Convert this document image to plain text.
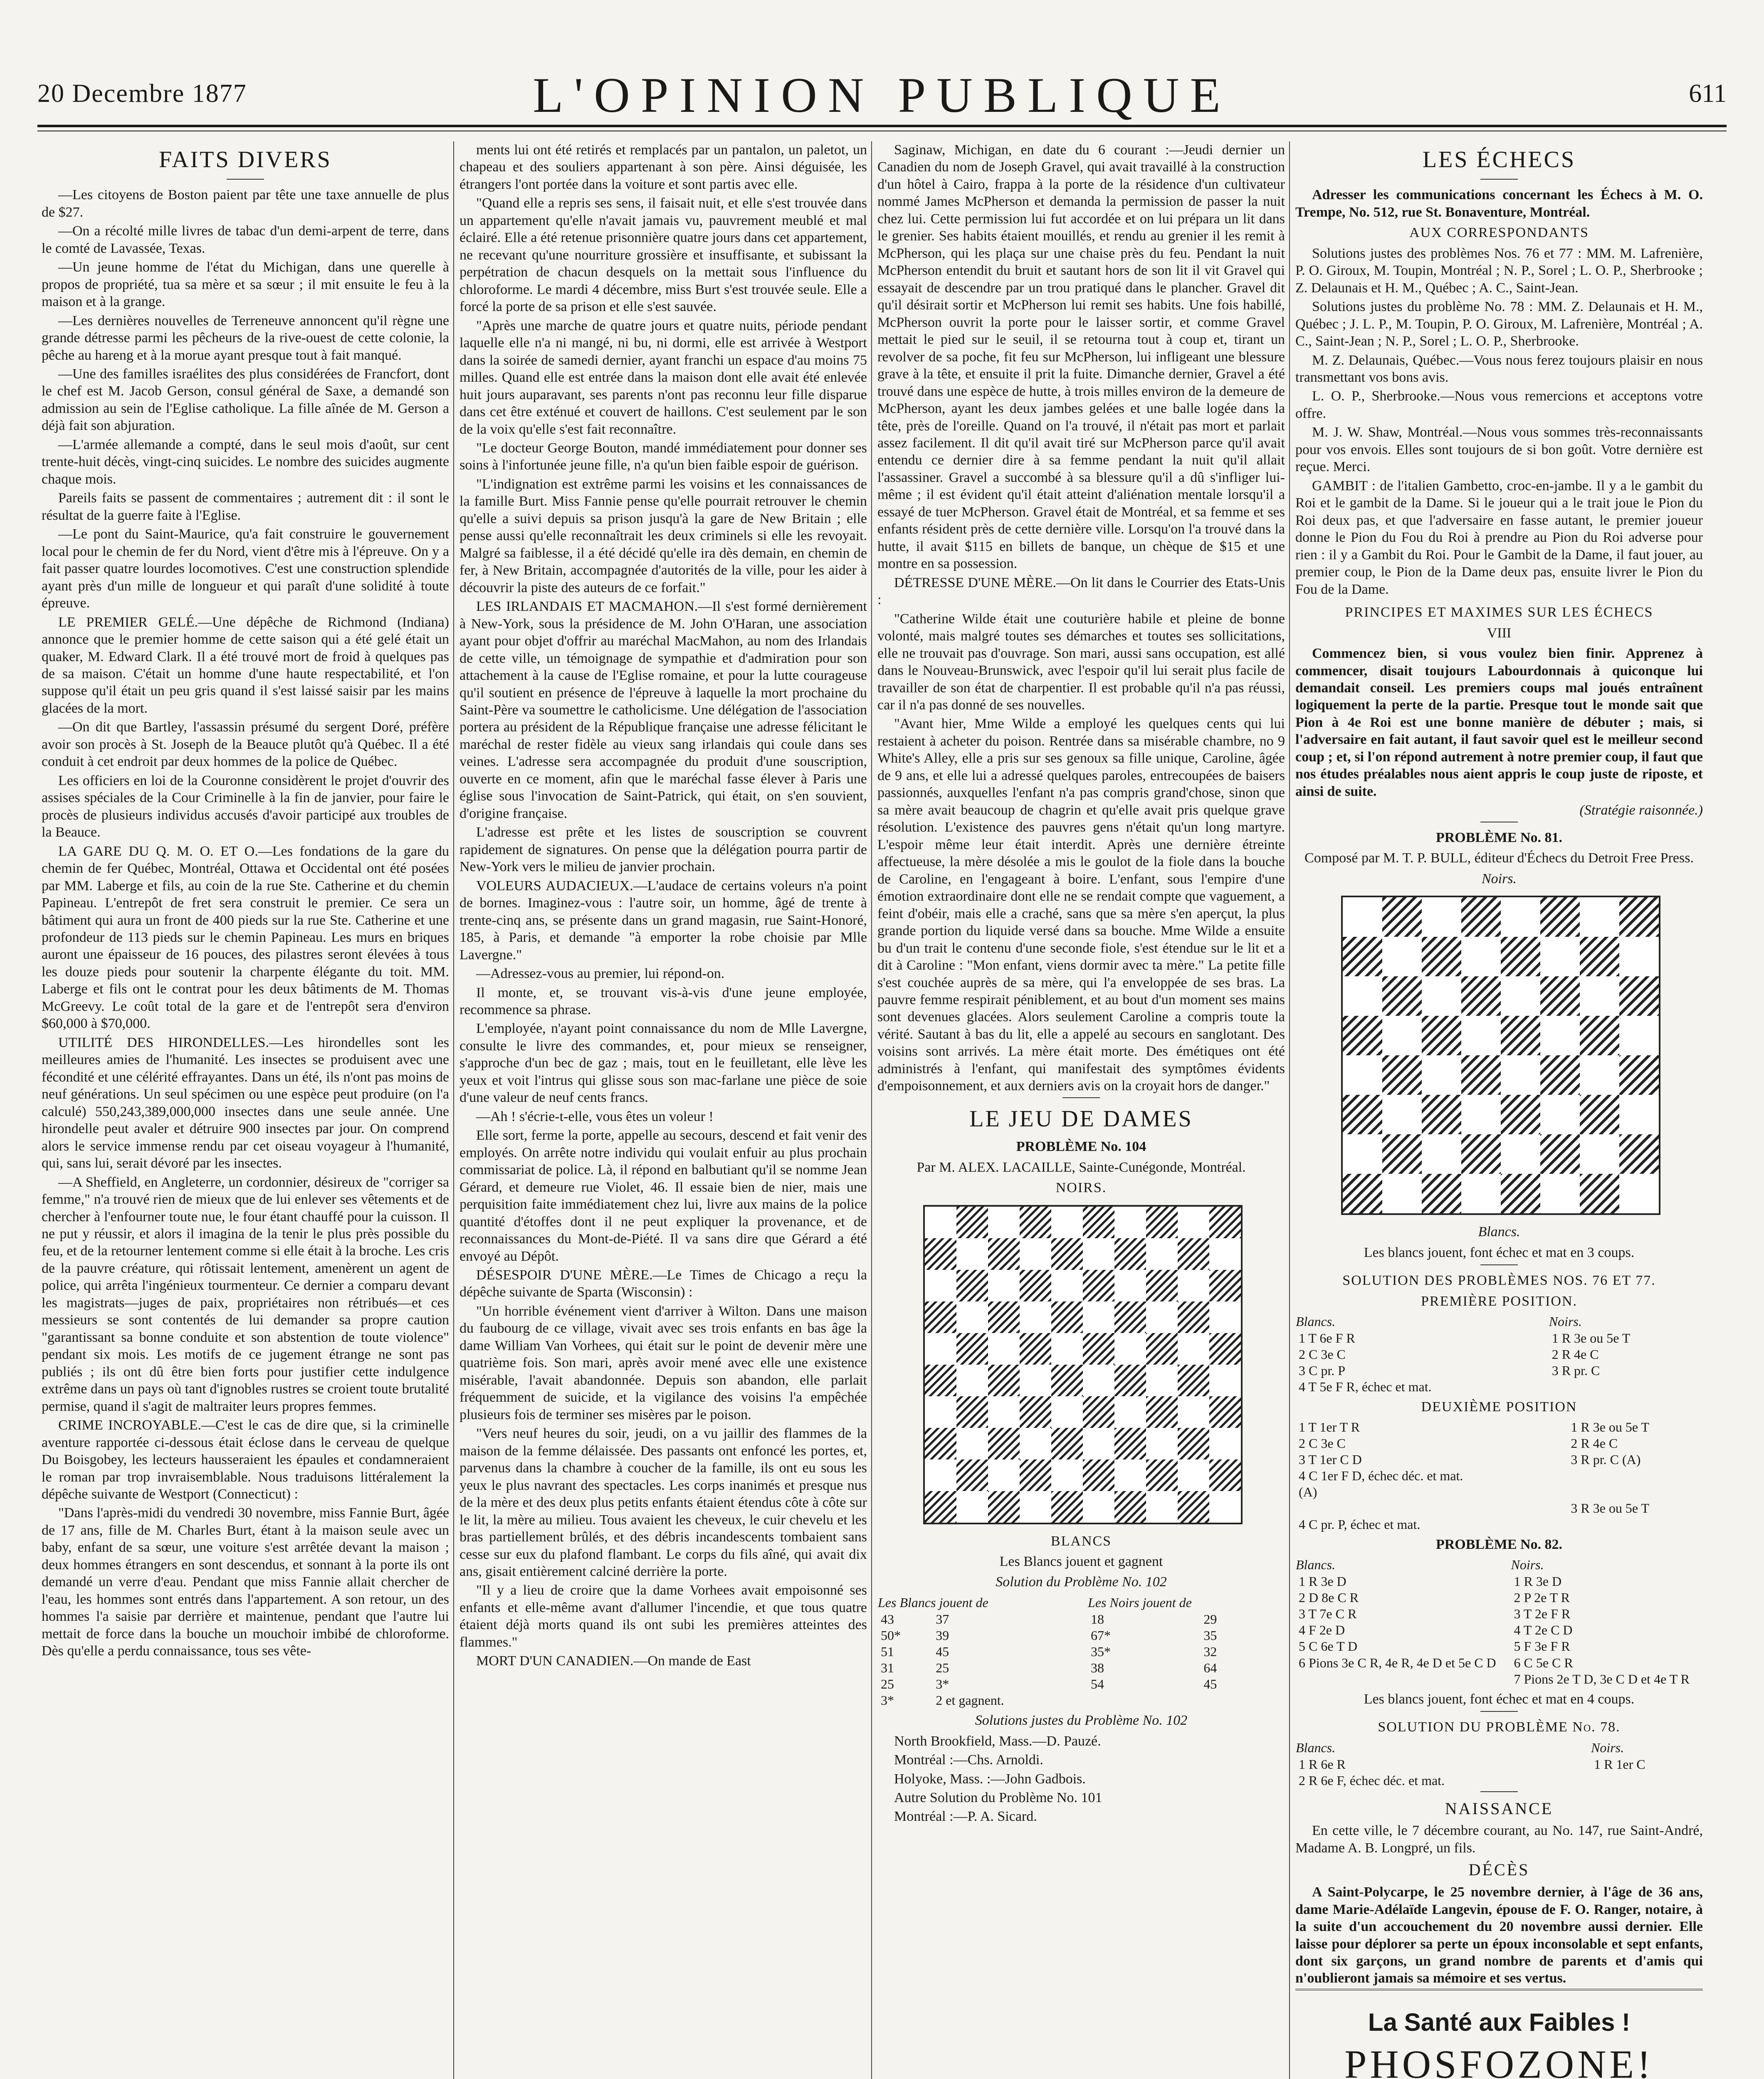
20 Decembre 1877	L'OPINION PUBLIQUE	611
FAITS DIVERS

—Les citoyens de Boston paient par tête une taxe annuelle de plus de $27.

—On a récolté mille livres de tabac d'un demi-arpent de terre, dans le comté de Lavassée, Texas.

—Un jeune homme de l'état du Michigan, dans une querelle à propos de propriété, tua sa mère et sa sœur ; il mit ensuite le feu à la maison et à la grange.

—Les dernières nouvelles de Terreneuve annoncent qu'il règne une grande détresse parmi les pêcheurs de la rive-ouest de cette colonie, la pêche au hareng et à la morue ayant presque tout à fait manqué.

—Une des familles israélites des plus considérées de Francfort, dont le chef est M. Jacob Gerson, consul général de Saxe, a demandé son admission au sein de l'Eglise catholique. La fille aînée de M. Gerson a déjà fait son abjuration.

—L'armée allemande a compté, dans le seul mois d'août, sur cent trente-huit décès, vingt-cinq suicides. Le nombre des suicides augmente chaque mois.

Pareils faits se passent de commentaires ; autrement dit : il sont le résultat de la guerre faite à l'Eglise.

—Le pont du Saint-Maurice, qu'a fait construire le gouvernement local pour le chemin de fer du Nord, vient d'être mis à l'épreuve. On y a fait passer quatre lourdes locomotives. C'est une construction splendide ayant près d'un mille de longueur et qui paraît d'une solidité à toute épreuve.

LE PREMIER GELÉ.—Une dépêche de Richmond (Indiana) annonce que le premier homme de cette saison qui a été gelé était un quaker, M. Edward Clark. Il a été trouvé mort de froid à quelques pas de sa maison. C'était un homme d'une haute respectabilité, et l'on suppose qu'il était un peu gris quand il s'est laissé saisir par les mains glacées de la mort.

—On dit que Bartley, l'assassin présumé du sergent Doré, préfère avoir son procès à St. Joseph de la Beauce plutôt qu'à Québec. Il a été conduit à cet endroit par deux hommes de la police de Québec.

Les officiers en loi de la Couronne considèrent le projet d'ouvrir des assises spéciales de la Cour Criminelle à la fin de janvier, pour faire le procès de plusieurs individus accusés d'avoir participé aux troubles de la Beauce.

LA GARE DU Q. M. O. ET O.—Les fondations de la gare du chemin de fer Québec, Montréal, Ottawa et Occidental ont été posées par MM. Laberge et fils, au coin de la rue Ste. Catherine et du chemin Papineau. L'entrepôt de fret sera construit le premier. Ce sera un bâtiment qui aura un front de 400 pieds sur la rue Ste. Catherine et une profondeur de 113 pieds sur le chemin Papineau. Les murs en briques auront une épaisseur de 16 pouces, des pilastres seront élevées à tous les douze pieds pour soutenir la charpente élégante du toit. MM. Laberge et fils ont le contrat pour les deux bâtiments de M. Thomas McGreevy. Le coût total de la gare et de l'entrepôt sera d'environ $60,000 à $70,000.

UTILITÉ DES HIRONDELLES.—Les hirondelles sont les meilleures amies de l'humanité. Les insectes se produisent avec une fécondité et une célérité effrayantes. Dans un été, ils n'ont pas moins de neuf générations. Un seul spécimen ou une espèce peut produire (on l'a calculé) 550,243,389,000,000 insectes dans une seule année. Une hirondelle peut avaler et détruire 900 insectes par jour. On comprend alors le service immense rendu par cet oiseau voyageur à l'humanité, qui, sans lui, serait dévoré par les insectes.

—A Sheffield, en Angleterre, un cordonnier, désireux de "corriger sa femme," n'a trouvé rien de mieux que de lui enlever ses vêtements et de chercher à l'enfourner toute nue, le four étant chauffé pour la cuisson. Il ne put y réussir, et alors il imagina de la tenir le plus près possible du feu, et de la retourner lentement comme si elle était à la broche. Les cris de la pauvre créature, qui rôtissait lentement, amenèrent un agent de police, qui arrêta l'ingénieux tourmenteur. Ce dernier a comparu devant les magistrats—juges de paix, propriétaires non rétribués—et ces messieurs se sont contentés de lui demander sa propre caution "garantissant sa bonne conduite et son abstention de toute violence" pendant six mois. Les motifs de ce jugement étrange ne sont pas publiés ; ils ont dû être bien forts pour justifier cette indulgence extrême dans un pays où tant d'ignobles rustres se croient toute brutalité permise, quand il s'agit de maltraiter leurs propres femmes.

CRIME INCROYABLE.—C'est le cas de dire que, si la criminelle aventure rapportée ci-dessous était éclose dans le cerveau de quelque Du Boisgobey, les lecteurs hausseraient les épaules et condamneraient le roman par trop invraisemblable. Nous traduisons littéralement la dépêche suivante de Westport (Connecticut) :

"Dans l'après-midi du vendredi 30 novembre, miss Fannie Burt, âgée de 17 ans, fille de M. Charles Burt, étant à la maison seule avec un baby, enfant de sa sœur, une voiture s'est arrêtée devant la maison ; deux hommes étrangers en sont descendus, et sonnant à la porte ils ont demandé un verre d'eau. Pendant que miss Fannie allait chercher de l'eau, les hommes sont entrés dans l'appartement. A son retour, un des hommes l'a saisie par derrière et maintenue, pendant que l'autre lui mettait de force dans la bouche un mouchoir imbibé de chloroforme. Dès qu'elle a perdu connaissance, tous ses vête-

ments lui ont été retirés et remplacés par un pantalon, un paletot, un chapeau et des souliers appartenant à son père. Ainsi déguisée, les étrangers l'ont portée dans la voiture et sont partis avec elle.

"Quand elle a repris ses sens, il faisait nuit, et elle s'est trouvée dans un appartement qu'elle n'avait jamais vu, pauvrement meublé et mal éclairé. Elle a été retenue prisonnière quatre jours dans cet appartement, ne recevant qu'une nourriture grossière et insuffisante, et subissant la perpétration de chacun desquels on la mettait sous l'influence du chloroforme. Le mardi 4 décembre, miss Burt s'est trouvée seule. Elle a forcé la porte de sa prison et elle s'est sauvée.

"Après une marche de quatre jours et quatre nuits, période pendant laquelle elle n'a ni mangé, ni bu, ni dormi, elle est arrivée à Westport dans la soirée de samedi dernier, ayant franchi un espace d'au moins 75 milles. Quand elle est entrée dans la maison dont elle avait été enlevée huit jours auparavant, ses parents n'ont pas reconnu leur fille disparue dans cet être exténué et couvert de haillons. C'est seulement par le son de la voix qu'elle s'est fait reconnaître.

"Le docteur George Bouton, mandé immédiatement pour donner ses soins à l'infortunée jeune fille, n'a qu'un bien faible espoir de guérison.

"L'indignation est extrême parmi les voisins et les connaissances de la famille Burt. Miss Fannie pense qu'elle pourrait retrouver le chemin qu'elle a suivi depuis sa prison jusqu'à la gare de New Britain ; elle pense aussi qu'elle reconnaîtrait les deux criminels si elle les revoyait. Malgré sa faiblesse, il a été décidé qu'elle ira dès demain, en chemin de fer, à New Britain, accompagnée d'autorités de la ville, pour les aider à découvrir la piste des auteurs de ce forfait."

LES IRLANDAIS ET MACMAHON.—Il s'est formé dernièrement à New-York, sous la présidence de M. John O'Haran, une association ayant pour objet d'offrir au maréchal MacMahon, au nom des Irlandais de cette ville, un témoignage de sympathie et d'admiration pour son attachement à la cause de l'Eglise romaine, et pour la lutte courageuse qu'il soutient en présence de l'épreuve à laquelle la mort prochaine du Saint-Père va soumettre le catholicisme. Une délégation de l'association portera au président de la République française une adresse félicitant le maréchal de rester fidèle au vieux sang irlandais qui coule dans ses veines. L'adresse sera accompagnée du produit d'une souscription, ouverte en ce moment, afin que le maréchal fasse élever à Paris une église sous l'invocation de Saint-Patrick, qui était, on s'en souvient, d'origine française.

L'adresse est prête et les listes de souscription se couvrent rapidement de signatures. On pense que la délégation pourra partir de New-York vers le milieu de janvier prochain.

VOLEURS AUDACIEUX.—L'audace de certains voleurs n'a point de bornes. Imaginez-vous : l'autre soir, un homme, âgé de trente à trente-cinq ans, se présente dans un grand magasin, rue Saint-Honoré, 185, à Paris, et demande "à emporter la robe choisie par Mlle Lavergne."

—Adressez-vous au premier, lui répond-on.

Il monte, et, se trouvant vis-à-vis d'une jeune employée, recommence sa phrase.

L'employée, n'ayant point connaissance du nom de Mlle Lavergne, consulte le livre des commandes, et, pour mieux se renseigner, s'approche d'un bec de gaz ; mais, tout en le feuilletant, elle lève les yeux et voit l'intrus qui glisse sous son mac-farlane une pièce de soie d'une valeur de neuf cents francs.

—Ah ! s'écrie-t-elle, vous êtes un voleur !

Elle sort, ferme la porte, appelle au secours, descend et fait venir des employés. On arrête notre individu qui voulait enfuir au plus prochain commissariat de police. Là, il répond en balbutiant qu'il se nomme Jean Gérard, et demeure rue Violet, 46. Il essaie bien de nier, mais une perquisition faite immédiatement chez lui, livre aux mains de la police quantité d'étoffes dont il ne peut expliquer la provenance, et de reconnaissances du Mont-de-Piété. Il va sans dire que Gérard a été envoyé au Dépôt.

DÉSESPOIR D'UNE MÈRE.—Le Times de Chicago a reçu la dépêche suivante de Sparta (Wisconsin) :

"Un horrible événement vient d'arriver à Wilton. Dans une maison du faubourg de ce village, vivait avec ses trois enfants en bas âge la dame William Van Vorhees, qui était sur le point de devenir mère une quatrième fois. Son mari, après avoir mené avec elle une existence misérable, l'avait abandonnée. Depuis son abandon, elle parlait fréquemment de suicide, et la vigilance des voisins l'a empêchée plusieurs fois de terminer ses misères par le poison.

"Vers neuf heures du soir, jeudi, on a vu jaillir des flammes de la maison de la femme délaissée. Des passants ont enfoncé les portes, et, parvenus dans la chambre à coucher de la famille, ils ont eu sous les yeux le plus navrant des spectacles. Les corps inanimés et presque nus de la mère et des deux plus petits enfants étaient étendus côte à côte sur le lit, la mère au milieu. Tous avaient les cheveux, le cuir chevelu et les bras partiellement brûlés, et des débris incandescents tombaient sans cesse sur eux du plafond flambant. Le corps du fils aîné, qui avait dix ans, gisait entièrement calciné derrière la porte.

"Il y a lieu de croire que la dame Vorhees avait empoisonné ses enfants et elle-même avant d'allumer l'incendie, et que tous quatre étaient déjà morts quand ils ont subi les premières atteintes des flammes."

MORT D'UN CANADIEN.—On mande de East

Saginaw, Michigan, en date du 6 courant :—Jeudi dernier un Canadien du nom de Joseph Gravel, qui avait travaillé à la construction d'un hôtel à Cairo, frappa à la porte de la résidence d'un cultivateur nommé James McPherson et demanda la permission de passer la nuit chez lui. Cette permission lui fut accordée et on lui prépara un lit dans le grenier. Ses habits étaient mouillés, et rendu au grenier il les remit à McPherson, qui les plaça sur une chaise près du feu. Pendant la nuit McPherson entendit du bruit et sautant hors de son lit il vit Gravel qui essayait de descendre par un trou pratiqué dans le plancher. Gravel dit qu'il désirait sortir et McPherson lui remit ses habits. Une fois habillé, McPherson ouvrit la porte pour le laisser sortir, et comme Gravel mettait le pied sur le seuil, il se retourna tout à coup et, tirant un revolver de sa poche, fit feu sur McPherson, lui infligeant une blessure grave à la tête, et ensuite il prit la fuite. Dimanche dernier, Gravel a été trouvé dans une espèce de hutte, à trois milles environ de la demeure de McPherson, ayant les deux jambes gelées et une balle logée dans la tête, près de l'oreille. Quand on l'a trouvé, il n'était pas mort et parlait assez facilement. Il dit qu'il avait tiré sur McPherson parce qu'il avait entendu ce dernier dire à sa femme pendant la nuit qu'il allait l'assassiner. Gravel a succombé à sa blessure qu'il a dû s'infliger lui-même ; il est évident qu'il était atteint d'aliénation mentale lorsqu'il a essayé de tuer McPherson. Gravel était de Montréal, et sa femme et ses enfants résident près de cette dernière ville. Lorsqu'on l'a trouvé dans la hutte, il avait $115 en billets de banque, un chèque de $15 et une montre en sa possession.

DÉTRESSE D'UNE MÈRE.—On lit dans le Courrier des Etats-Unis :

"Catherine Wilde était une couturière habile et pleine de bonne volonté, mais malgré toutes ses démarches et toutes ses sollicitations, elle ne trouvait pas d'ouvrage. Son mari, aussi sans occupation, est allé dans le Nouveau-Brunswick, avec l'espoir qu'il lui serait plus facile de travailler de son état de charpentier. Il est probable qu'il n'a pas réussi, car il n'a pas donné de ses nouvelles.

"Avant hier, Mme Wilde a employé les quelques cents qui lui restaient à acheter du poison. Rentrée dans sa misérable chambre, no 9 White's Alley, elle a pris sur ses genoux sa fille unique, Caroline, âgée de 9 ans, et elle lui a adressé quelques paroles, entrecoupées de baisers passionnés, auxquelles l'enfant n'a pas compris grand'chose, sinon que sa mère avait beaucoup de chagrin et qu'elle avait pris quelque grave résolution. L'existence des pauvres gens n'était qu'un long martyre. L'espoir même leur était interdit. Après une dernière étreinte affectueuse, la mère désolée a mis le goulot de la fiole dans la bouche de Caroline, en l'engageant à boire. L'enfant, sous l'empire d'une émotion extraordinaire dont elle ne se rendait compte que vaguement, a feint d'obéir, mais elle a craché, sans que sa mère s'en aperçut, la plus grande portion du liquide versé dans sa bouche. Mme Wilde a ensuite bu d'un trait le contenu d'une seconde fiole, s'est étendue sur le lit et a dit à Caroline : "Mon enfant, viens dormir avec ta mère." La petite fille s'est couchée auprès de sa mère, qui l'a enveloppée de ses bras. La pauvre femme respirait péniblement, et au bout d'un moment ses mains sont devenues glacées. Alors seulement Caroline a compris toute la vérité. Sautant à bas du lit, elle a appelé au secours en sanglotant. Des voisins sont arrivés. La mère était morte. Des émétiques ont été administrés à l'enfant, qui manifestait des symptômes évidents d'empoisonnement, et aux derniers avis on la croyait hors de danger."

LE JEU DE DAMES
PROBLÈME No. 104
Par M. ALEX. LACAILLE, Sainte-Cunégonde, Montréal.
NOIRS.
BLANCS
Les Blancs jouent et gagnent
Solution du Problème No. 102
Les Blancs jouent de		Les Noirs jouent de	
43	37	18	29
50*	39	67*	35
51	45	35*	32
31	25	38	64
25	3*	54	45
3*	2 et gagnent.		
Solutions justes du Problème No. 102

North Brookfield, Mass.—D. Pauzé.

Montréal :—Chs. Arnoldi.

Holyoke, Mass. :—John Gadbois.

Autre Solution du Problème No. 101

Montréal :—P. A. Sicard.

LES ÉCHECS

Adresser les communications concernant les Échecs à M. O. Trempe, No. 512, rue St. Bonaventure, Montréal.

AUX CORRESPONDANTS

Solutions justes des problèmes Nos. 76 et 77 : MM. M. Lafrenière, P. O. Giroux, M. Toupin, Montréal ; N. P., Sorel ; L. O. P., Sherbrooke ; Z. Delaunais et H. M., Québec ; A. C., Saint-Jean.

Solutions justes du problème No. 78 : MM. Z. Delaunais et H. M., Québec ; J. L. P., M. Toupin, P. O. Giroux, M. Lafrenière, Montréal ; A. C., Saint-Jean ; N. P., Sorel ; L. O. P., Sherbrooke.

M. Z. Delaunais, Québec.—Vous nous ferez toujours plaisir en nous transmettant vos bons avis.

L. O. P., Sherbrooke.—Nous vous remercions et acceptons votre offre.

M. J. W. Shaw, Montréal.—Nous vous sommes très-reconnaissants pour vos envois. Elles sont toujours de si bon goût. Votre dernière est reçue. Merci.

GAMBIT : de l'italien Gambetto, croc-en-jambe. Il y a le gambit du Roi et le gambit de la Dame. Si le joueur qui a le trait joue le Pion du Roi deux pas, et que l'adversaire en fasse autant, le premier joueur donne le Pion du Fou du Roi à prendre au Pion du Roi adverse pour rien : il y a Gambit du Roi. Pour le Gambit de la Dame, il faut jouer, au premier coup, le Pion de la Dame deux pas, ensuite livrer le Pion du Fou de la Dame.

PRINCIPES ET MAXIMES SUR LES ÉCHECS
VIII

Commencez bien, si vous voulez bien finir. Apprenez à commencer, disait toujours Labourdonnais à quiconque lui demandait conseil. Les premiers coups mal joués entraînent logiquement la perte de la partie. Presque tout le monde sait que Pion à 4e Roi est une bonne manière de débuter ; mais, si l'adversaire en fait autant, il faut savoir quel est le meilleur second coup ; et, si l'on répond autrement à notre premier coup, il faut que nos études préalables nous aient appris le coup juste de riposte, et ainsi de suite.

(Stratégie raisonnée.)
PROBLÈME No. 81.
Composé par M. T. P. BULL, éditeur d'Échecs du Detroit Free Press.
Noirs.
Blancs.
Les blancs jouent, font échec et mat en 3 coups.
SOLUTION DES PROBLÈMES NOS. 76 ET 77.
PREMIÈRE POSITION.
Blancs.	Noirs.
1 T 6e F R	1 R 3e ou 5e T
2 C 3e C	2 R 4e C
3 C pr. P	3 R pr. C
4 T 5e F R, échec et mat.	
DEUXIÈME POSITION
1 T 1er T R	1 R 3e ou 5e T
2 C 3e C	2 R 4e C
3 T 1er C D	3 R pr. C (A)
4 C 1er F D, échec déc. et mat.	
(A)	
	3 R 3e ou 5e T
4 C pr. P, échec et mat.	
PROBLÈME No. 82.
Blancs.	Noirs.
1 R 3e D	1 R 3e D
2 D 8e C R	2 P 2e T R
3 T 7e C R	3 T 2e F R
4 F 2e D	4 T 2e C D
5 C 6e T D	5 F 3e F R
6 Pions 3e C R, 4e R, 4e D et 5e C D	6 C 5e C R
	7 Pions 2e T D, 3e C D et 4e T R
Les blancs jouent, font échec et mat en 4 coups.
SOLUTION DU PROBLÈME No. 78.
Blancs.	Noirs.
1 R 6e R	1 R 1er C
2 R 6e F, échec déc. et mat.	
NAISSANCE

En cette ville, le 7 décembre courant, au No. 147, rue Saint-André, Madame A. B. Longpré, un fils.

DÉCÈS

A Saint-Polycarpe, le 25 novembre dernier, à l'âge de 36 ans, dame Marie-Adélaïde Langevin, épouse de F. O. Ranger, notaire, à la suite d'un accouchement du 20 novembre aussi dernier. Elle laisse pour déplorer sa perte un époux inconsolable et sept enfants, dont six garçons, un grand nombre de parents et d'amis qui n'oublieront jamais sa mémoire et ses vertus.

La Santé aux Faibles !
PHOSFOZONE!
